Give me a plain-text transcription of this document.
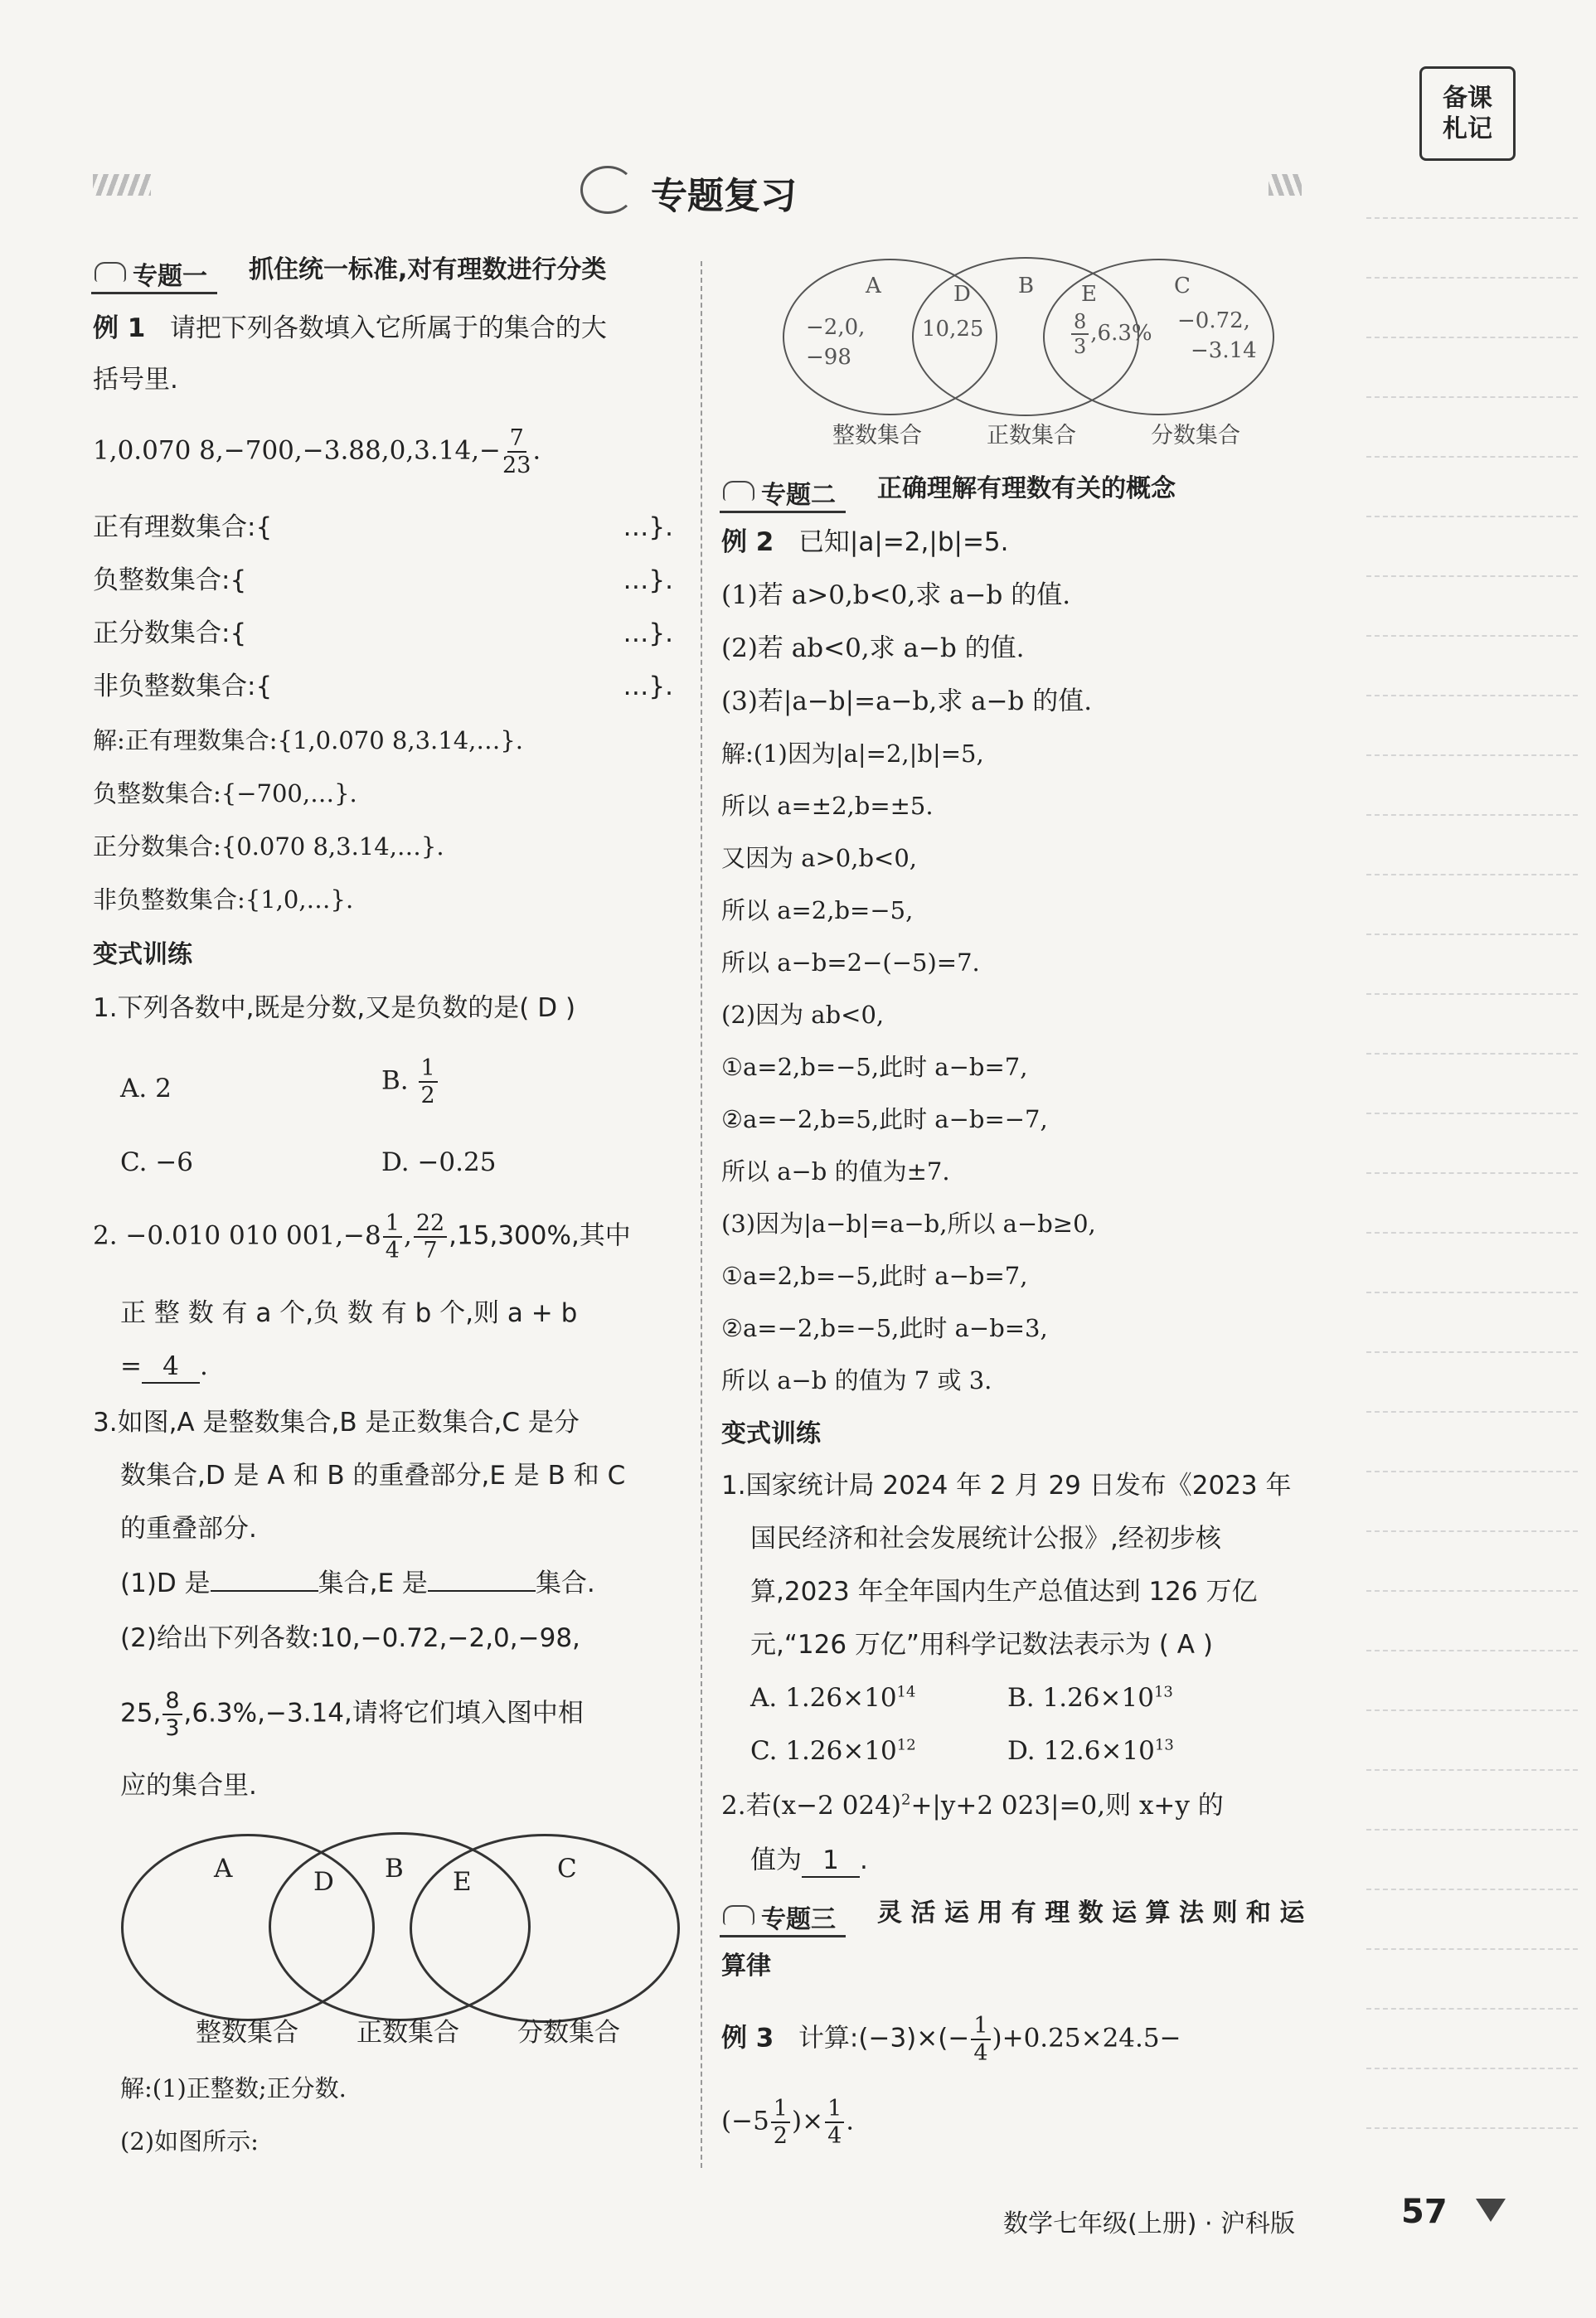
专题复习
备课札记
专题一	抓住统一标准,对有理数进行分类
例 1 请把下列各数填入它所属于的集合的大
括号里.
1,0.070 $8,-700,-3.88,0,3.14,- \frac{7}{23}$ .
正有理数集合:{	…}.
负整数集合:{	…}.
正分数集合:{	…}.
非负整数集合:{	…}.
解:正有理数集合:{1,0.070 8,3.14,…}.
负整数集合:{−700,…}.
正分数集合:{0.070 8,3.14,…}.
非负整数集合:{1,0,…}.
变式训练
1.下列各数中,既是分数,又是负数的是( D )
A. 2	B. $\frac{1}{2}$
C. −6	D. −0.25
2. −0.010 010 $001,-8 \frac{1}{4}$ , $\frac{22}{7} ,15,300\%$,其中
正 整 数 有 a 个,负 数 有 b 个,则 a + b
= 4 .
3.如图,A 是整数集合,B 是正数集合,C 是分
数集合,D 是 A 和 B 的重叠部分,E 是 B 和 C
的重叠部分.
(1)D 是	集合,E 是	集合.
(2)给出下列各数:10,−0.72,−2,0,−98,
25, $\frac{8}{3} ,6.3\%,-3.14$,请将它们填入图中相
应的集合里.
A	D B E	C
整数集合 正数集合 分数集合
解:(1)正整数;正分数.
(2)如图所示:
A	D B E	C
−2,0,
−98
10,25	$\frac{8}{3} ,6.3\% -0.72$,
−3.14
整数集合	正数集合	分数集合
专题二	正确理解有理数有关的概念
例 2 已知|a|=2,|b|=5.
(1)若 a>0,b<0,求 a−b 的值.
(2)若 ab<0,求 a−b 的值.
(3)若|a−b|=a−b,求 a−b 的值.
解:(1)因为|a|=2,|b|=5,
所以 a=±2,b=±5.
又因为 a>0,b<0,
所以 a=2,b=−5,
所以 a−b=2−(−5)=7.
(2)因为 ab<0,
①a=2,b=−5,此时 a−b=7,
②a=−2,b=5,此时 a−b=−7,
所以 a−b 的值为±7.
(3)因为|a−b|=a−b,所以 a−b≥0,
①a=2,b=−5,此时 a−b=7,
②a=−2,b=−5,此时 a−b=3,
所以 a−b 的值为 7 或 3.
变式训练
1.国家统计局 2024 年 2 月 29 日发布《2023 年
国民经济和社会发展统计公报》,经初步核
算,2023 年全年国内生产总值达到 126 万亿
元,“126 万亿”用科学记数法表示为 ( A )
A. $1.26\times 10^{14}$	B. $1.26\times 10^{13}$
C. $1.26\times 10^{12}$	D. $12.6\times 10^{13}$
2.若(x−2 024)$^2$+|y+2 023|=0,则 x+y 的
值为 1 .
专题三	灵 活 运 用 有 理 数 运 算 法 则 和 运
算律
例 3 计算:(−3)×(− $\frac{1}{4} )+0.25\times 24.5-$
($-5 \frac{1}{2}$ )× $\frac{1}{4}$ .
数学七年级(上册) · 沪科版	57
